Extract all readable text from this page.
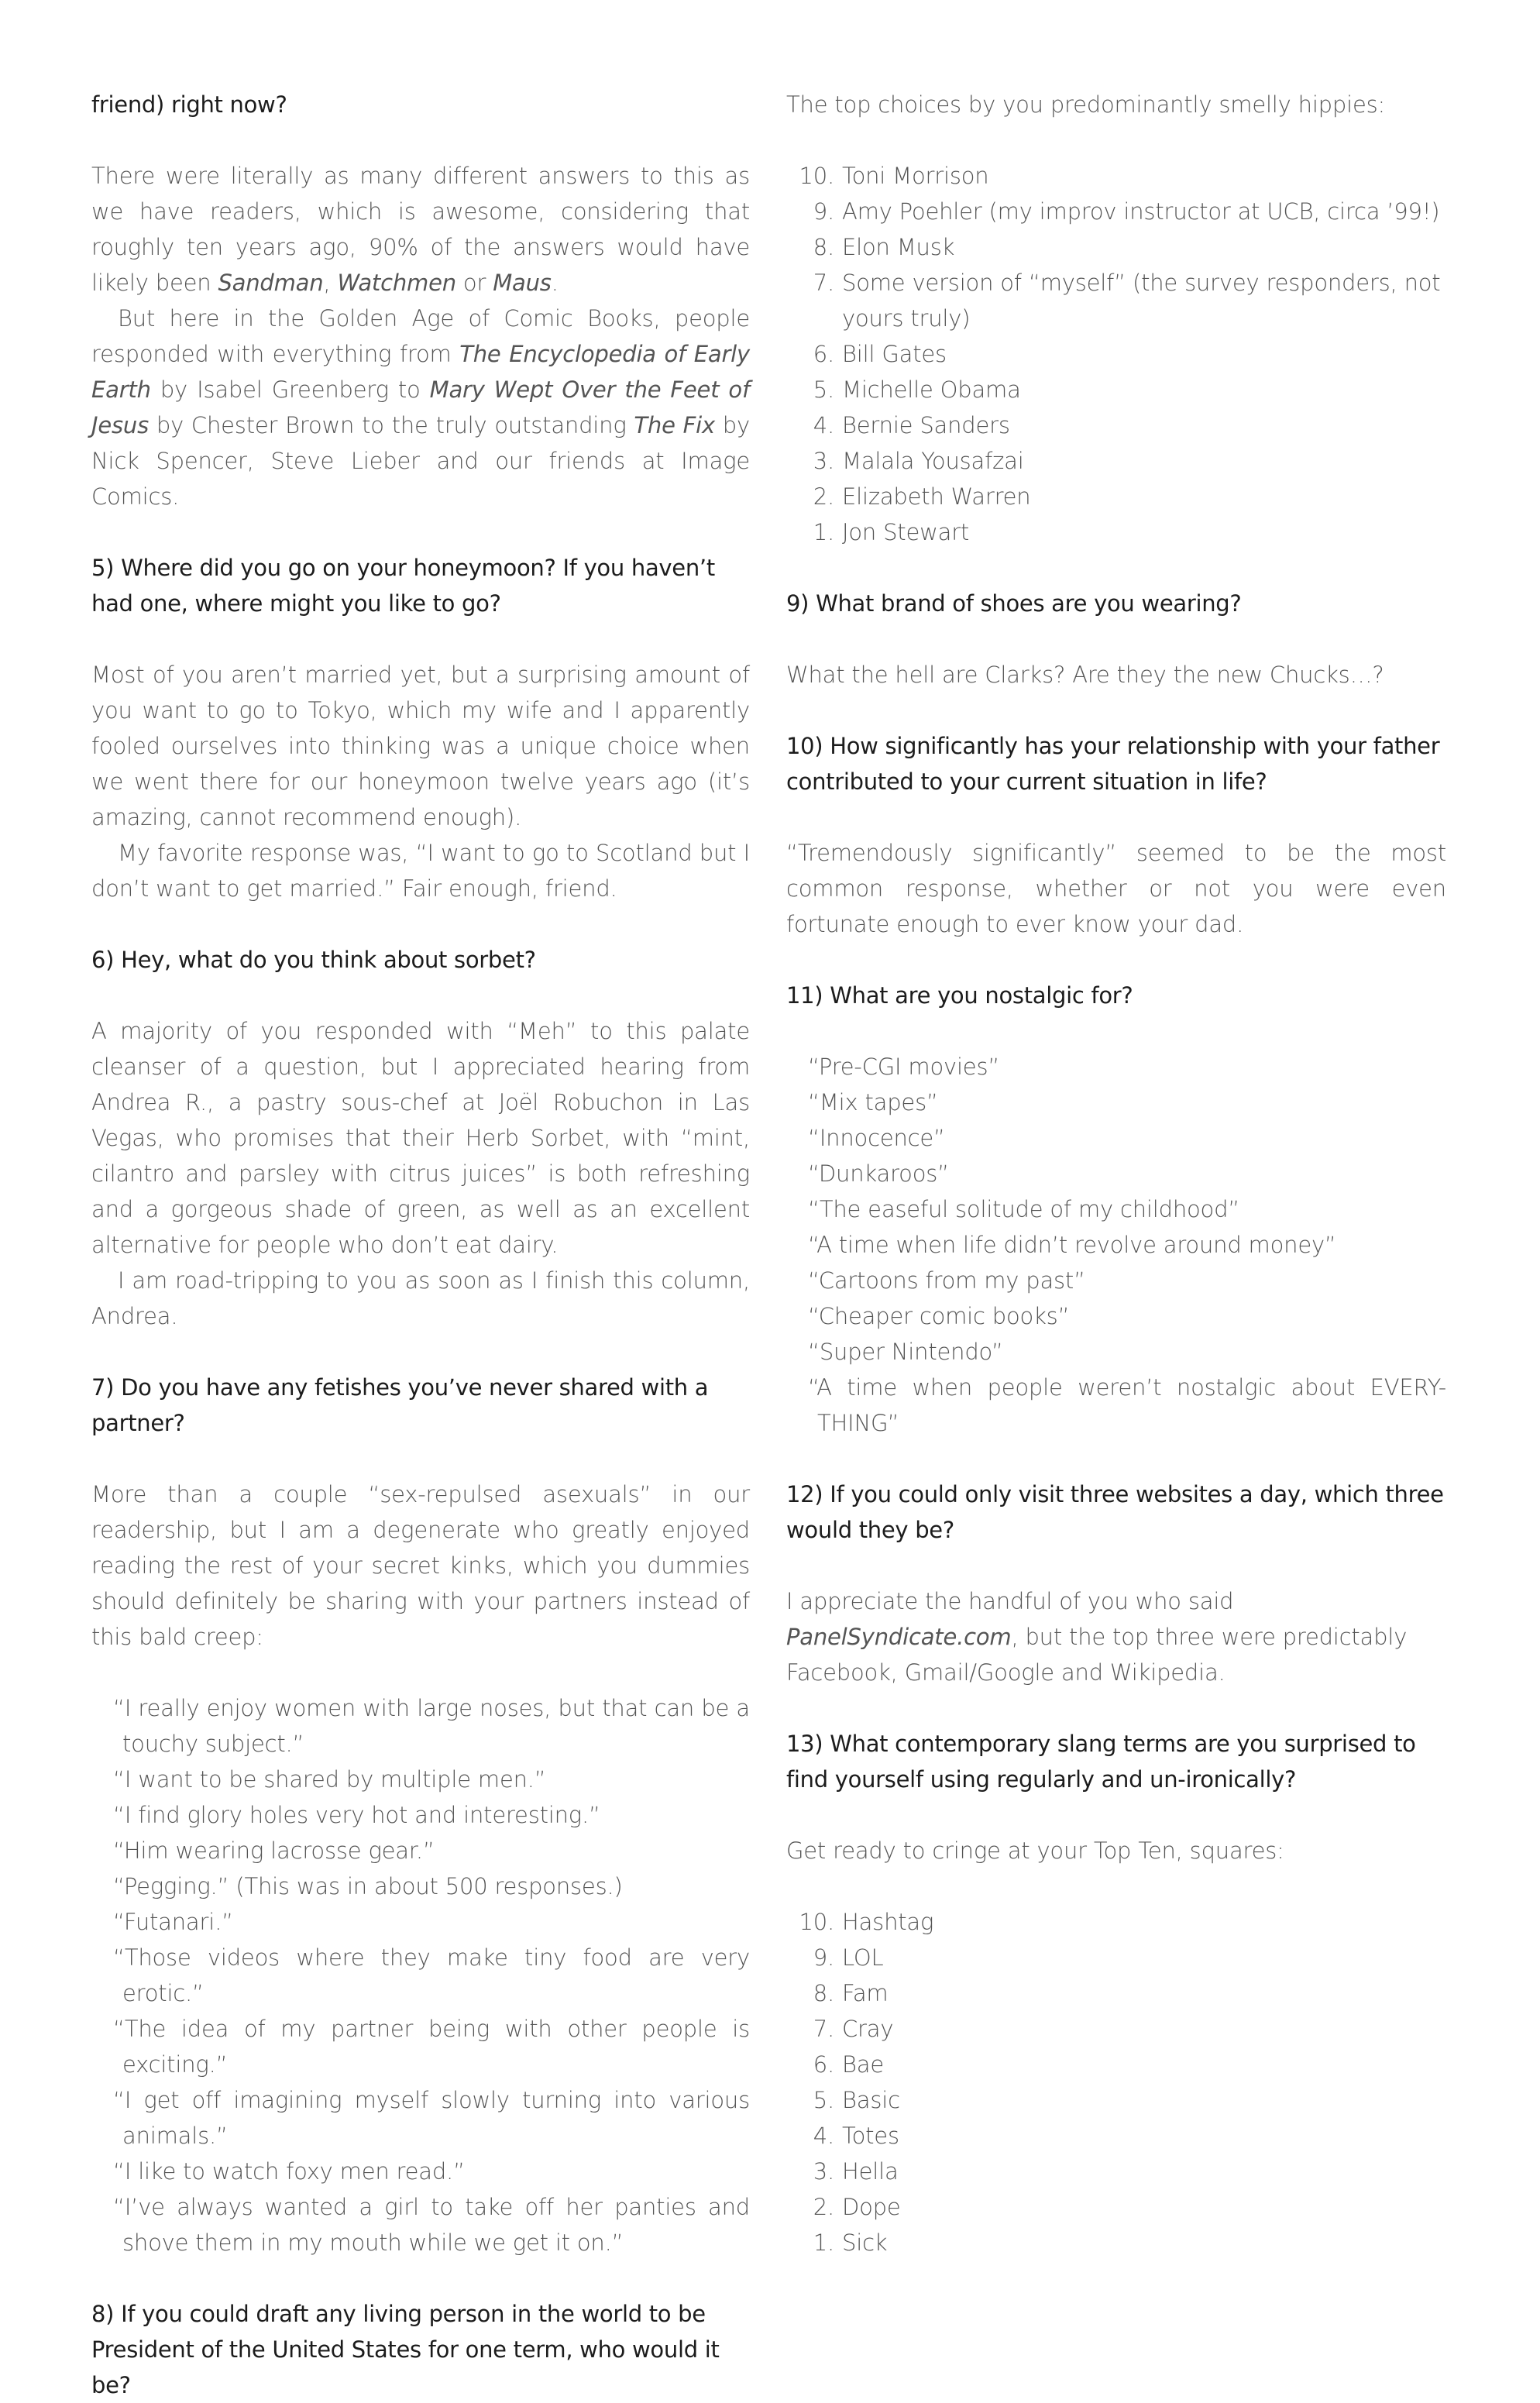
friend) right now?

There were literally as many different answers to this as we have readers, which is awesome, considering that roughly ten years ago, 90% of the answers would have likely been Sandman, Watchmen or Maus.

But here in the Golden Age of Comic Books, people responded with everything from The Encyclopedia of Early Earth by Isabel Greenberg to Mary Wept Over the Feet of Jesus by Chester Brown to the truly outstanding The Fix by Nick Spencer, Steve Lieber and our friends at Image Comics.

5) Where did you go on your honeymoon? If you haven’t had one, where might you like to go?

Most of you aren’t married yet, but a surprising amount of you want to go to Tokyo, which my wife and I apparently fooled ourselves into thinking was a unique choice when we went there for our honeymoon twelve years ago (it’s amazing, cannot recommend enough).

My favorite response was, “I want to go to Scotland but I don’t want to get married.” Fair enough, friend.

6) Hey, what do you think about sorbet?

A majority of you responded with “Meh” to this palate cleanser of a question, but I appreciated hearing from Andrea R., a pastry sous-chef at Joël Robuchon in Las Vegas, who promises that their Herb Sorbet, with “mint, cilantro and parsley with citrus juices” is both refreshing and a gorgeous shade of green, as well as an excellent alternative for people who don’t eat dairy.

I am road-tripping to you as soon as I finish this column, Andrea.

7) Do you have any fetishes you’ve never shared with a partner?

More than a couple “sex-repulsed asexuals” in our readership, but I am a degenerate who greatly enjoyed reading the rest of your secret kinks, which you dummies should definitely be sharing with your partners instead of this bald creep:

“I really enjoy women with large noses, but that can be a touchy subject.”
“I want to be shared by multiple men.”
“I find glory holes very hot and interesting.”
“Him wearing lacrosse gear.”
“Pegging.” (This was in about 500 responses.)
“Futanari.”
“Those videos where they make tiny food are very erotic.”
“The idea of my partner being with other people is exciting.”
“I get off imagining myself slowly turning into various animals.”
“I like to watch foxy men read.”
“I’ve always wanted a girl to take off her panties and shove them in my mouth while we get it on.”

8) If you could draft any living person in the world to be President of the United States for one term, who would it be?

The top choices by you predominantly smelly hippies:

10. Toni Morrison
9. Amy Poehler (my improv instructor at UCB, circa ’99!)
8. Elon Musk
7. Some version of “myself” (the survey responders, not yours truly)
6. Bill Gates
5. Michelle Obama
4. Bernie Sanders
3. Malala Yousafzai
2. Elizabeth Warren
1. Jon Stewart

9) What brand of shoes are you wearing?

What the hell are Clarks? Are they the new Chucks…?

10) How significantly has your relationship with your father contributed to your current situation in life?

“Tremendously significantly” seemed to be the most common response, whether or not you were even fortunate enough to ever know your dad.

11) What are you nostalgic for?

“Pre-CGI movies”
“Mix tapes”
“Innocence”
“Dunkaroos”
“The easeful solitude of my childhood”
“A time when life didn’t revolve around money”
“Cartoons from my past”
“Cheaper comic books”
“Super Nintendo”
“A time when people weren’t nostalgic about EVERY-THING”

12) If you could only visit three websites a day, which three would they be?

I appreciate the handful of you who said PanelSyndicate.com, but the top three were predictably Facebook, Gmail/Google and Wikipedia.

13) What contemporary slang terms are you surprised to find yourself using regularly and un-ironically?

Get ready to cringe at your Top Ten, squares:

10. Hashtag
9. LOL
8. Fam
7. Cray
6. Bae
5. Basic
4. Totes
3. Hella
2. Dope
1. Sick
